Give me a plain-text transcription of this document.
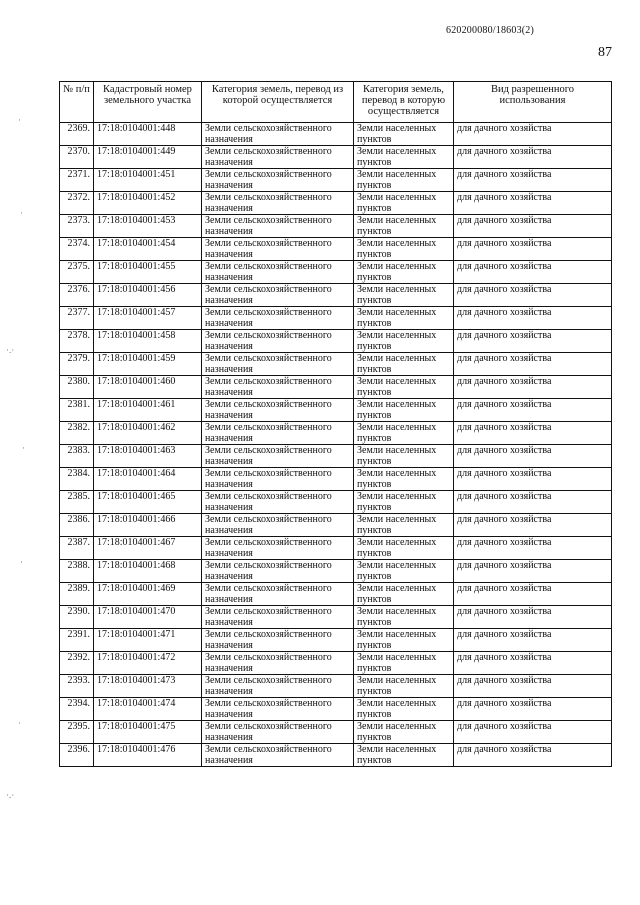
620200080/18603(2)
87
·
·
·.·
·
·
·
·.·
№ п/п	Кадастровый номер земельного участка	Категория земель, перевод из которой осуществляется	Категория земель, перевод в которую осуществляется	Вид разрешенного использования
2369.	17:18:0104001:448	Земли сельскохозяйственного назначения	Земли населенных пунктов	для дачного хозяйства
2370.	17:18:0104001:449	Земли сельскохозяйственного назначения	Земли населенных пунктов	для дачного хозяйства
2371.	17:18:0104001:451	Земли сельскохозяйственного назначения	Земли населенных пунктов	для дачного хозяйства
2372.	17:18:0104001:452	Земли сельскохозяйственного назначения	Земли населенных пунктов	для дачного хозяйства
2373.	17:18:0104001:453	Земли сельскохозяйственного назначения	Земли населенных пунктов	для дачного хозяйства
2374.	17:18:0104001:454	Земли сельскохозяйственного назначения	Земли населенных пунктов	для дачного хозяйства
2375.	17:18:0104001:455	Земли сельскохозяйственного назначения	Земли населенных пунктов	для дачного хозяйства
2376.	17:18:0104001:456	Земли сельскохозяйственного назначения	Земли населенных пунктов	для дачного хозяйства
2377.	17:18:0104001:457	Земли сельскохозяйственного назначения	Земли населенных пунктов	для дачного хозяйства
2378.	17:18:0104001:458	Земли сельскохозяйственного назначения	Земли населенных пунктов	для дачного хозяйства
2379.	17:18:0104001:459	Земли сельскохозяйственного назначения	Земли населенных пунктов	для дачного хозяйства
2380.	17:18:0104001:460	Земли сельскохозяйственного назначения	Земли населенных пунктов	для дачного хозяйства
2381.	17:18:0104001:461	Земли сельскохозяйственного назначения	Земли населенных пунктов	для дачного хозяйства
2382.	17:18:0104001:462	Земли сельскохозяйственного назначения	Земли населенных пунктов	для дачного хозяйства
2383.	17:18:0104001:463	Земли сельскохозяйственного назначения	Земли населенных пунктов	для дачного хозяйства
2384.	17:18:0104001:464	Земли сельскохозяйственного назначения	Земли населенных пунктов	для дачного хозяйства
2385.	17:18:0104001:465	Земли сельскохозяйственного назначения	Земли населенных пунктов	для дачного хозяйства
2386.	17:18:0104001:466	Земли сельскохозяйственного назначения	Земли населенных пунктов	для дачного хозяйства
2387.	17:18:0104001:467	Земли сельскохозяйственного назначения	Земли населенных пунктов	для дачного хозяйства
2388.	17:18:0104001:468	Земли сельскохозяйственного назначения	Земли населенных пунктов	для дачного хозяйства
2389.	17:18:0104001:469	Земли сельскохозяйственного назначения	Земли населенных пунктов	для дачного хозяйства
2390.	17:18:0104001:470	Земли сельскохозяйственного назначения	Земли населенных пунктов	для дачного хозяйства
2391.	17:18:0104001:471	Земли сельскохозяйственного назначения	Земли населенных пунктов	для дачного хозяйства
2392.	17:18:0104001:472	Земли сельскохозяйственного назначения	Земли населенных пунктов	для дачного хозяйства
2393.	17:18:0104001:473	Земли сельскохозяйственного назначения	Земли населенных пунктов	для дачного хозяйства
2394.	17:18:0104001:474	Земли сельскохозяйственного назначения	Земли населенных пунктов	для дачного хозяйства
2395.	17:18:0104001:475	Земли сельскохозяйственного назначения	Земли населенных пунктов	для дачного хозяйства
2396.	17:18:0104001:476	Земли сельскохозяйственного назначения	Земли населенных пунктов	для дачного хозяйства
